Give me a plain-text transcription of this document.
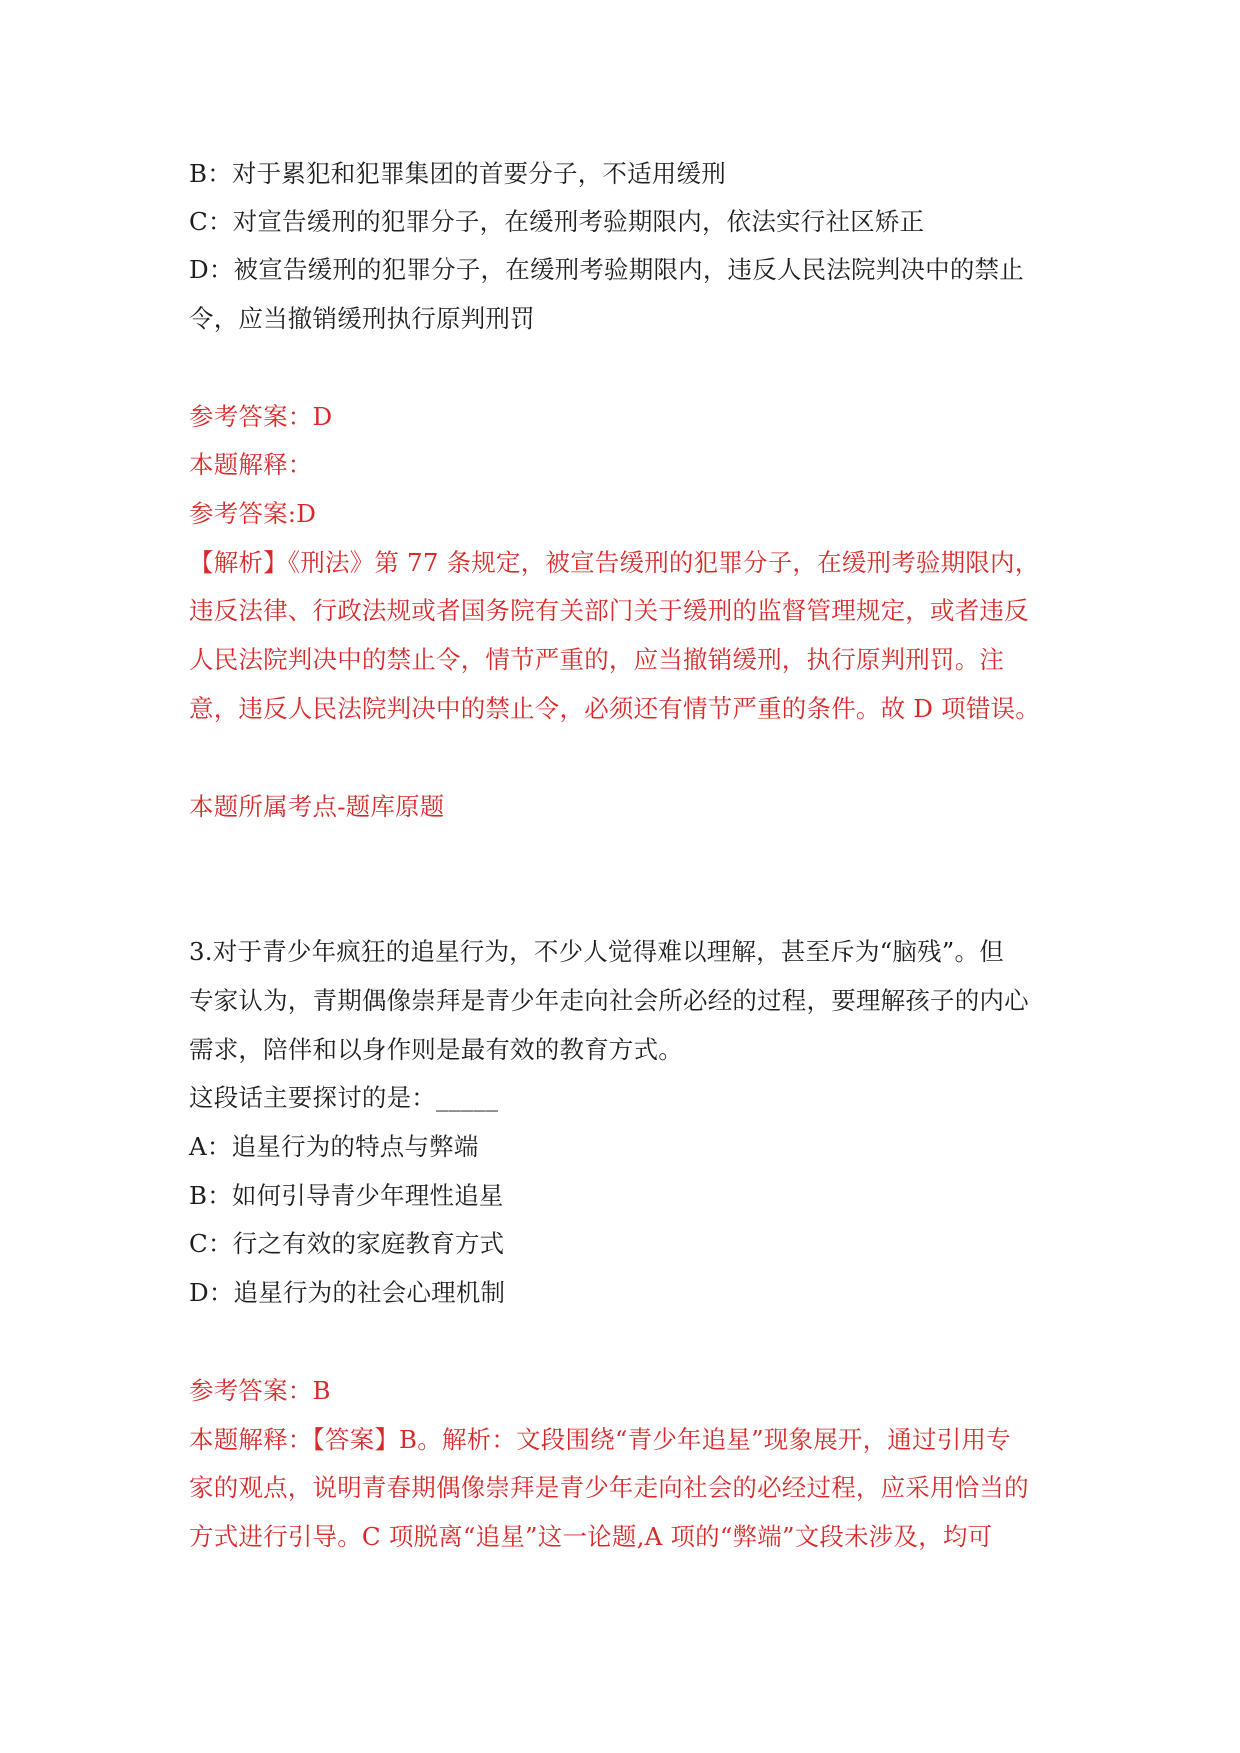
B：对于累犯和犯罪集团的首要分子，不适用缓刑
C：对宣告缓刑的犯罪分子，在缓刑考验期限内，依法实行社区矫正
D：被宣告缓刑的犯罪分子，在缓刑考验期限内，违反人民法院判决中的禁止
令，应当撤销缓刑执行原判刑罚
参考答案：D
本题解释：
参考答案:D
【解析】《刑法》第 77 条规定，被宣告缓刑的犯罪分子，在缓刑考验期限内，
违反法律、行政法规或者国务院有关部门关于缓刑的监督管理规定，或者违反
人民法院判决中的禁止令，情节严重的，应当撤销缓刑，执行原判刑罚。注
意，违反人民法院判决中的禁止令，必须还有情节严重的条件。故 D 项错误。
本题所属考点-题库原题
3.对于青少年疯狂的追星行为，不少人觉得难以理解，甚至斥为“脑残”。但
专家认为，青期偶像崇拜是青少年走向社会所必经的过程，要理解孩子的内心
需求，陪伴和以身作则是最有效的教育方式。
这段话主要探讨的是：_____
A：追星行为的特点与弊端
B：如何引导青少年理性追星
C：行之有效的家庭教育方式
D：追星行为的社会心理机制
参考答案：B
本题解释：【答案】B。解析：文段围绕“青少年追星”现象展开，通过引用专
家的观点，说明青春期偶像崇拜是青少年走向社会的必经过程，应采用恰当的
方式进行引导。C 项脱离“追星”这一论题,A 项的“弊端”文段未涉及，均可
